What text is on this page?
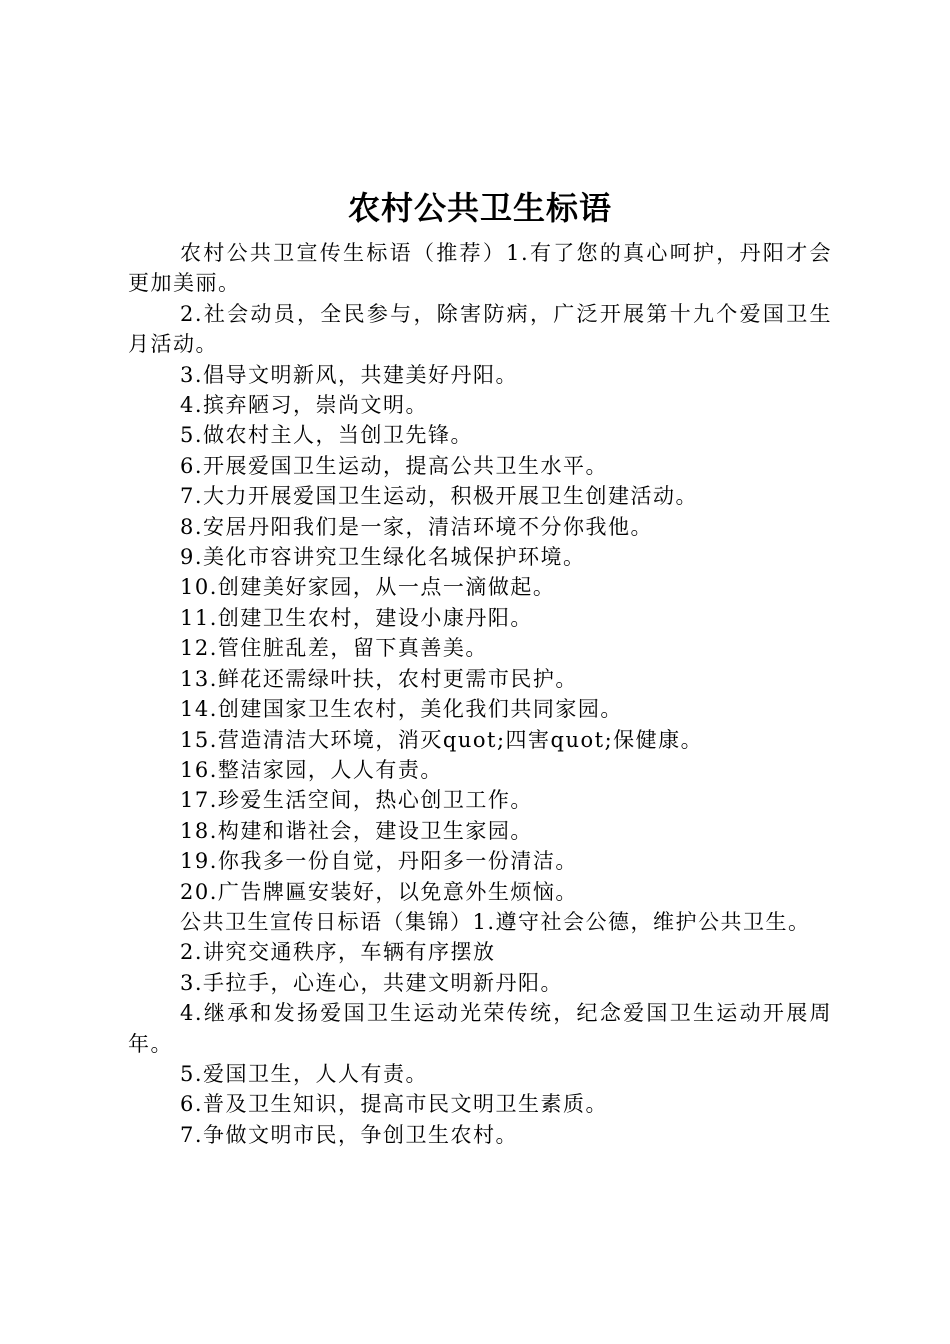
农村公共卫生标语

农村公共卫宣传生标语（推荐）1.有了您的真心呵护，丹阳才会更加美丽。

2.社会动员，全民参与，除害防病，广泛开展第十九个爱国卫生月活动。

3.倡导文明新风，共建美好丹阳。

4.摈弃陋习，崇尚文明。

5.做农村主人，当创卫先锋。

6.开展爱国卫生运动，提高公共卫生水平。

7.大力开展爱国卫生运动，积极开展卫生创建活动。

8.安居丹阳我们是一家，清洁环境不分你我他。

9.美化市容讲究卫生绿化名城保护环境。

10.创建美好家园，从一点一滴做起。

11.创建卫生农村，建设小康丹阳。

12.管住脏乱差，留下真善美。

13.鲜花还需绿叶扶，农村更需市民护。

14.创建国家卫生农村，美化我们共同家园。

15.营造清洁大环境，消灭quot;四害quot;保健康。

16.整洁家园，人人有责。

17.珍爱生活空间，热心创卫工作。

18.构建和谐社会，建设卫生家园。

19.你我多一份自觉，丹阳多一份清洁。

20.广告牌匾安装好，以免意外生烦恼。

公共卫生宣传日标语（集锦）1.遵守社会公德，维护公共卫生。

2.讲究交通秩序，车辆有序摆放

3.手拉手，心连心，共建文明新丹阳。

4.继承和发扬爱国卫生运动光荣传统，纪念爱国卫生运动开展周年。

5.爱国卫生，人人有责。

6.普及卫生知识，提高市民文明卫生素质。

7.争做文明市民，争创卫生农村。
